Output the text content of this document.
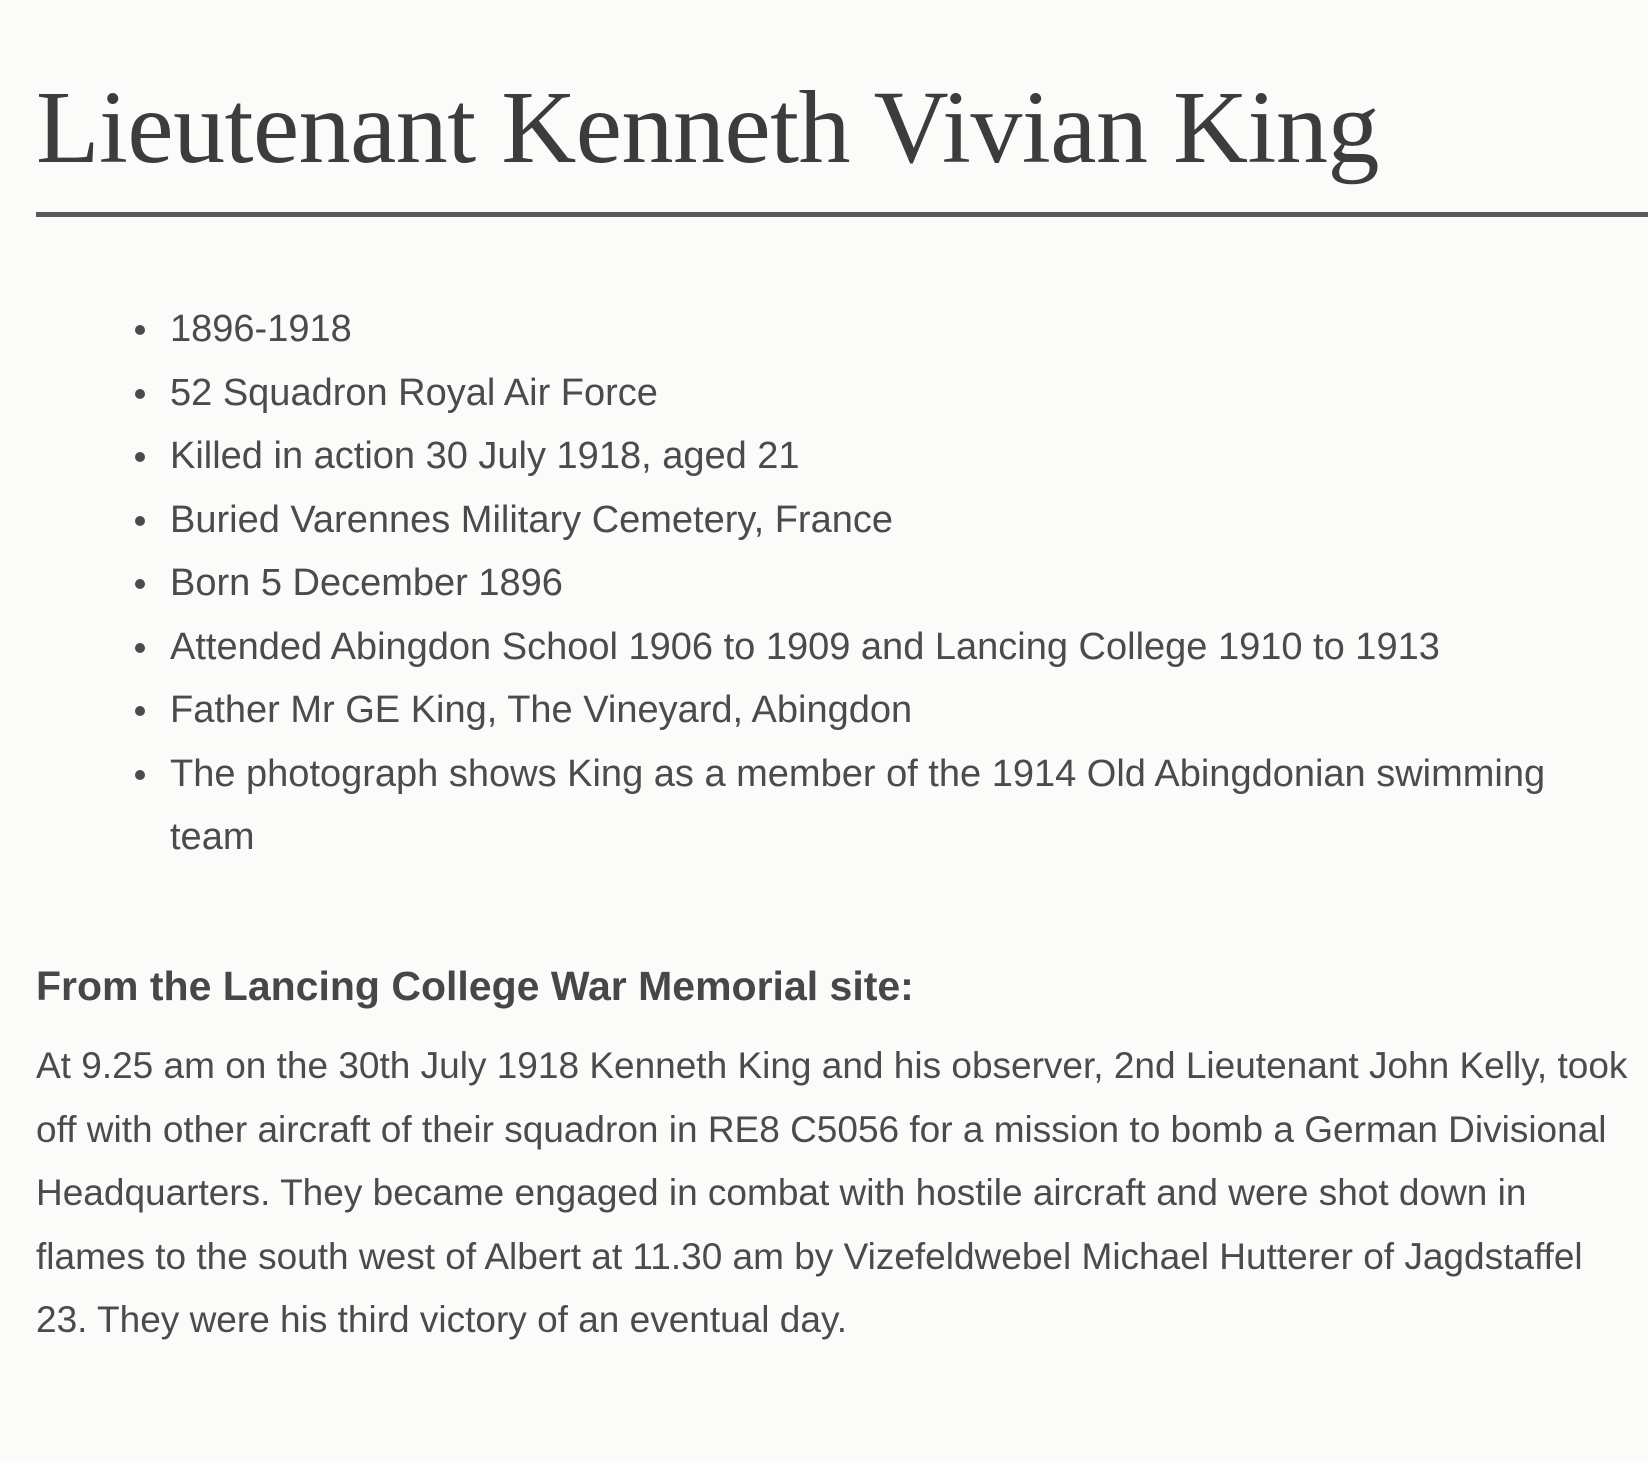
Lieutenant Kenneth Vivian King
1896-1918
52 Squadron Royal Air Force
Killed in action 30 July 1918, aged 21
Buried Varennes Military Cemetery, France
Born 5 December 1896
Attended Abingdon School 1906 to 1909 and Lancing College 1910 to 1913
Father Mr GE King, The Vineyard, Abingdon
The photograph shows King as a member of the 1914 Old Abingdonian swimming team
From the Lancing College War Memorial site:

At 9.25 am on the 30th July 1918 Kenneth King and his observer, 2nd Lieutenant John Kelly, took off with other aircraft of their squadron in RE8 C5056 for a mission to bomb a German Divisional Headquarters. They became engaged in combat with hostile aircraft and were shot down in flames to the south west of Albert at 11.30 am by Vizefeldwebel Michael Hutterer of Jagdstaffel 23. They were his third victory of an eventual day.
